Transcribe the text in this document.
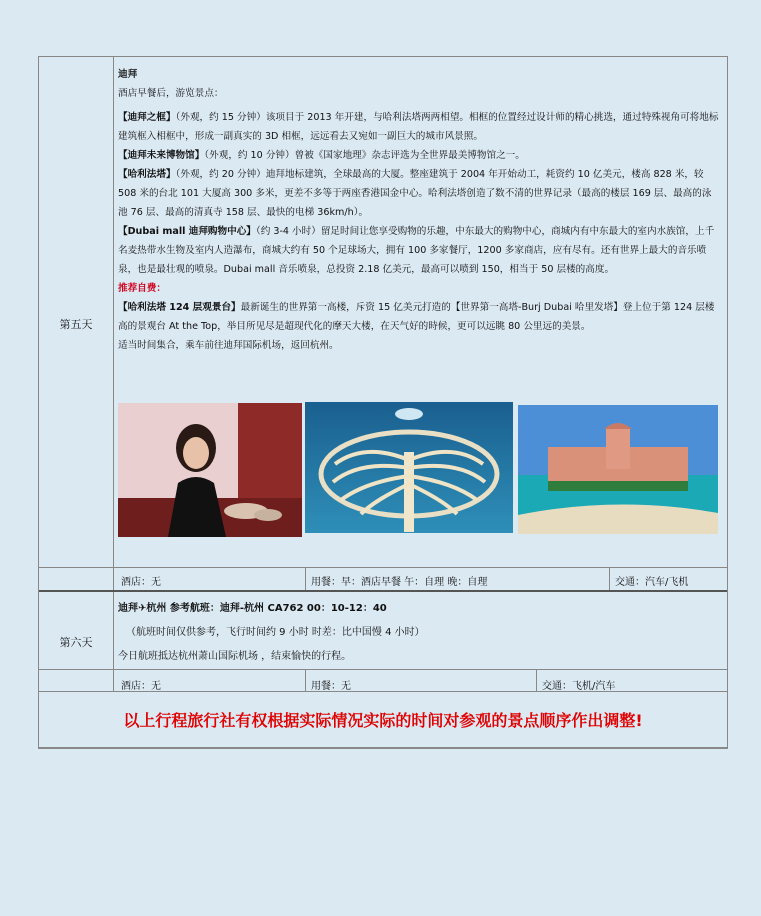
第五天

迪拜

酒店早餐后，游览景点：

【迪拜之框】（外观，约 15 分钟）该项目于 2013 年开建，与哈利法塔两两相望。相框的位置经过设计师的精心挑选，通过特殊视角可将地标建筑框入相框中，形成一副真实的 3D 相框，远远看去又宛如一副巨大的城市风景照。

【迪拜未来博物馆】（外观，约 10 分钟）曾被《国家地理》杂志评选为全世界最美博物馆之一。

【哈利法塔】（外观，约 20 分钟）迪拜地标建筑，全球最高的大厦。整座建筑于 2004 年开始动工，耗资约 10 亿美元，楼高 828 米，较 508 米的台北 101 大厦高 300 多米，更差不多等于两座香港国金中心。哈利法塔创造了数不清的世界记录（最高的楼层 169 层、最高的泳池 76 层、最高的清真寺 158 层、最快的电梯 36km/h）。

【Dubai mall 迪拜购物中心】（约 3-4 小时）留足时间让您享受购物的乐趣，中东最大的购物中心，商城内有中东最大的室内水族馆，上千名麦热带水生物及室内人造瀑布，商城大约有 50 个足球场大，拥有 100 多家餐厅，1200 多家商店，应有尽有。还有世界上最大的音乐喷泉，也是最壮观的喷泉。Dubai mall 音乐喷泉，总投资 2.18 亿美元，最高可以喷到 150，相当于 50 层楼的高度。

推荐自费：

【哈利法塔 124 层观景台】最新诞生的世界第一高楼，斥资 15 亿美元打造的【世界第一高塔-Burj Dubai 哈里发塔】登上位于第 124 层楼高的景观台 At the Top，举目所见尽是超现代化的摩天大楼，在天气好的時候，更可以远眺 80 公里远的美景。

适当时间集合，乘车前往迪拜国际机场，返回杭州。

酒店：无	用餐：早：酒店早餐 午：自理 晚：自理	交通：汽车/飞机
第六天

迪拜✈杭州 参考航班：迪拜-杭州 CA762 00：10-12：40

（航班时间仅供参考，飞行时间约 9 小时 时差：比中国慢 4 小时）

今日航班抵达杭州萧山国际机场 ，结束愉快的行程。

酒店：无	用餐：无	交通：飞机/汽车
以上行程旅行社有权根据实际情况实际的时间对参观的景点顺序作出调整!
